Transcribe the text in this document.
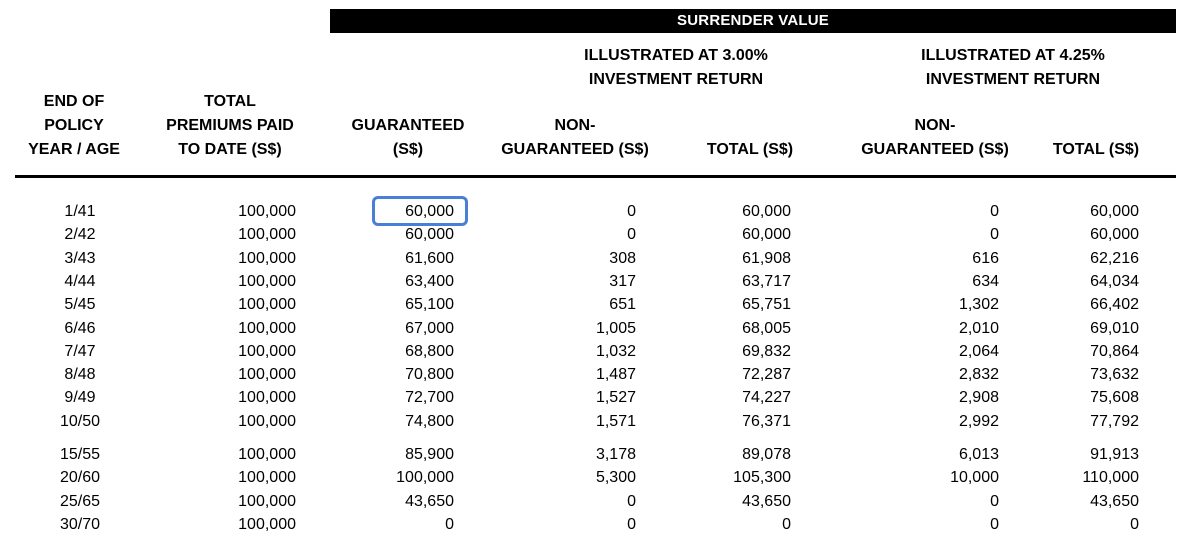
SURRENDER VALUE
ILLUSTRATED AT 3.00%
INVESTMENT RETURN
ILLUSTRATED AT 4.25%
INVESTMENT RETURN
END OF
POLICY
YEAR / AGE
TOTAL
PREMIUMS PAID
TO DATE (S$)
GUARANTEED
(S$)
NON-
GUARANTEED (S$)	TOTAL (S$)
NON-
GUARANTEED (S$)	TOTAL (S$)
1/41	100,000	60,000	0	60,000	0	60,000
2/42	100,000	60,000	0	60,000	0	60,000
3/43	100,000	61,600	308	61,908	616	62,216
4/44	100,000	63,400	317	63,717	634	64,034
5/45	100,000	65,100	651	65,751	1,302	66,402
6/46	100,000	67,000	1,005	68,005	2,010	69,010
7/47	100,000	68,800	1,032	69,832	2,064	70,864
8/48	100,000	70,800	1,487	72,287	2,832	73,632
9/49	100,000	72,700	1,527	74,227	2,908	75,608
10/50	100,000	74,800	1,571	76,371	2,992	77,792
15/55	100,000	85,900	3,178	89,078	6,013	91,913
20/60	100,000	100,000	5,300	105,300	10,000	110,000
25/65	100,000	43,650	0	43,650	0	43,650
30/70	100,000	0	0	0	0	0
